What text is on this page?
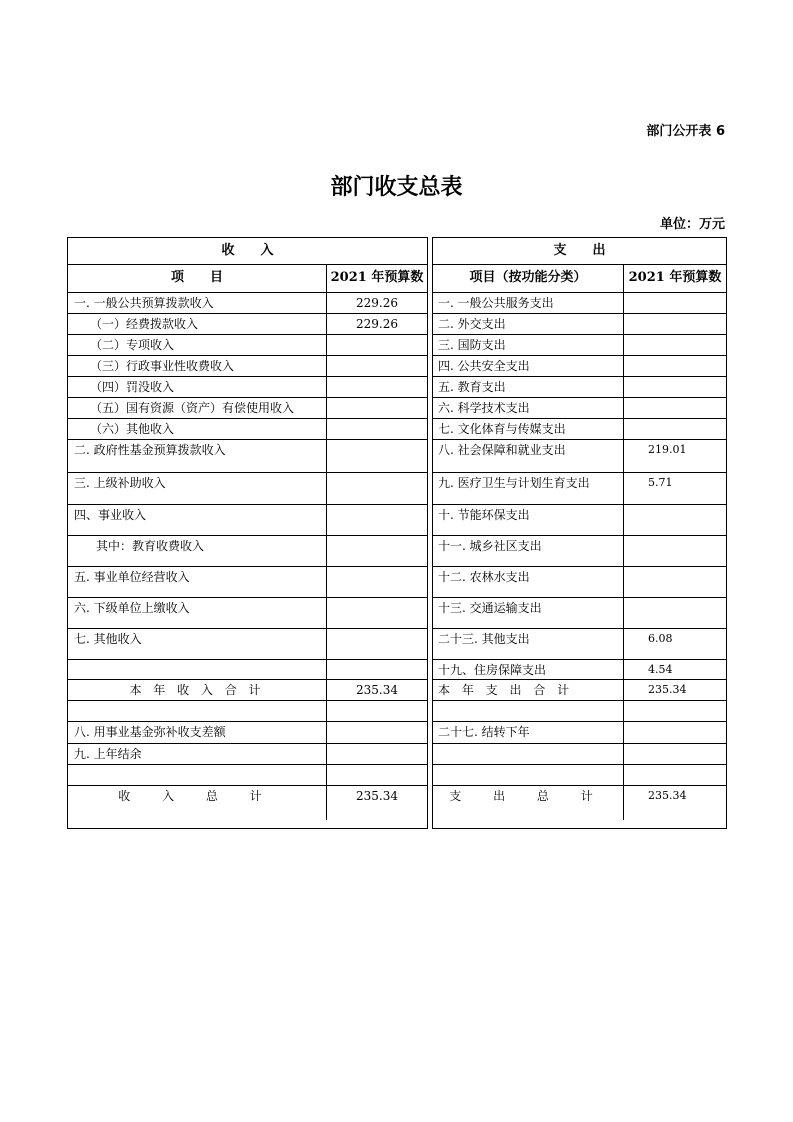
部门公开表 6
部门收支总表
单位：万元
收　　入
项　　目	2021 年预算数
一. 一般公共预算拨款收入	229.26
（一）经费拨款收入	229.26
（二）专项收入
（三）行政事业性收费收入
（四）罚没收入
（五）国有资源（资产）有偿使用收入
（六）其他收入
二. 政府性基金预算拨款收入
三. 上级补助收入
四、事业收入
其中：教育收费收入
五. 事业单位经营收入
六. 下级单位上缴收入
七. 其他收入
本 年 收 入 合 计	235.34
八. 用事业基金弥补收支差额
九. 上年结余
收 入 总 计	235.34
支　　出
项目（按功能分类）	2021 年预算数
一. 一般公共服务支出
二. 外交支出
三. 国防支出
四. 公共安全支出
五. 教育支出
六. 科学技术支出
七. 文化体育与传媒支出
八. 社会保障和就业支出	219.01
九. 医疗卫生与计划生育支出	5.71
十. 节能环保支出
十一. 城乡社区支出
十二. 农林水支出
十三. 交通运输支出
二十三. 其他支出	6.08
十九、住房保障支出	4.54
本 年 支 出 合 计	235.34
二十七. 结转下年
支 出 总 计	235.34
